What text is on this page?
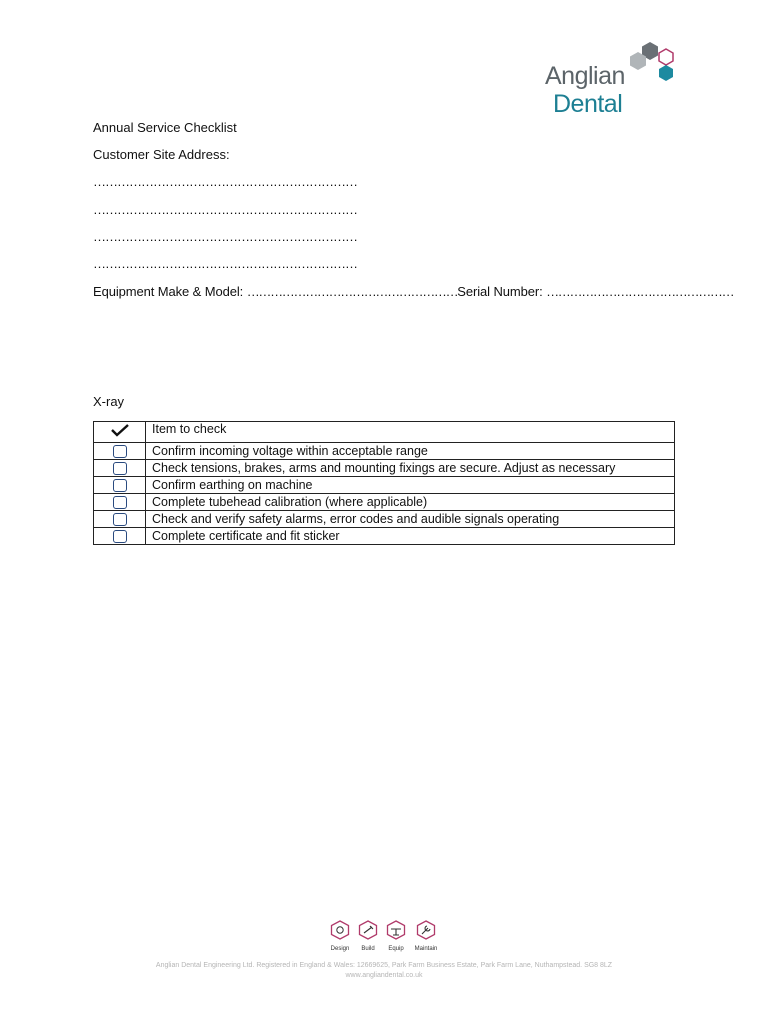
Anglian
Dental
Annual Service Checklist
Customer Site Address:
…………………………………………………………
…………………………………………………………
…………………………………………………………
…………………………………………………………
Equipment Make & Model: ………………………………………………Serial Number: …………………………………………
X-ray
	Item to check
	Confirm incoming voltage within acceptable range
	Check tensions, brakes, arms and mounting fixings are secure. Adjust as necessary
	Confirm earthing on machine
	Complete tubehead calibration (where applicable)
	Check and verify safety alarms, error codes and audible signals operating
	Complete certificate and fit sticker
Design	Build	Equip	Maintain
Anglian Dental Engineering Ltd. Registered in England & Wales: 12669625, Park Farm Business Estate, Park Farm Lane, Nuthampstead. SG8 8LZ
www.angliandental.co.uk
